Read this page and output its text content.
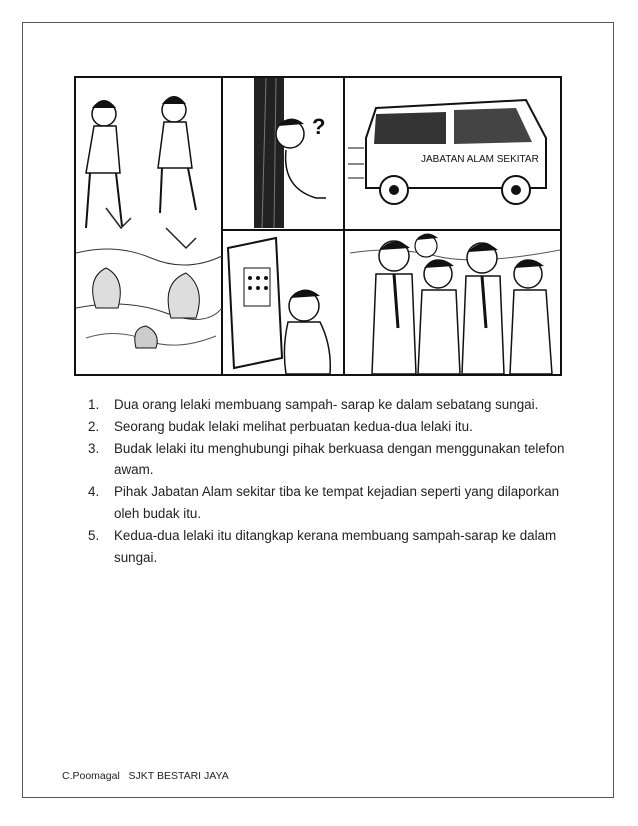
?
JABATAN ALAM SEKITAR
1.	Dua orang lelaki membuang sampah- sarap ke dalam sebatang sungai.
2.	Seorang budak lelaki melihat perbuatan kedua-dua lelaki itu.
3.	Budak lelaki itu menghubungi pihak berkuasa dengan menggunakan telefon awam.
4.	Pihak Jabatan Alam sekitar tiba ke tempat kejadian seperti yang dilaporkan oleh budak itu.
5.	Kedua-dua lelaki itu ditangkap kerana membuang sampah-sarap ke dalam sungai.
C.Poomagal SJKT BESTARI JAYA
